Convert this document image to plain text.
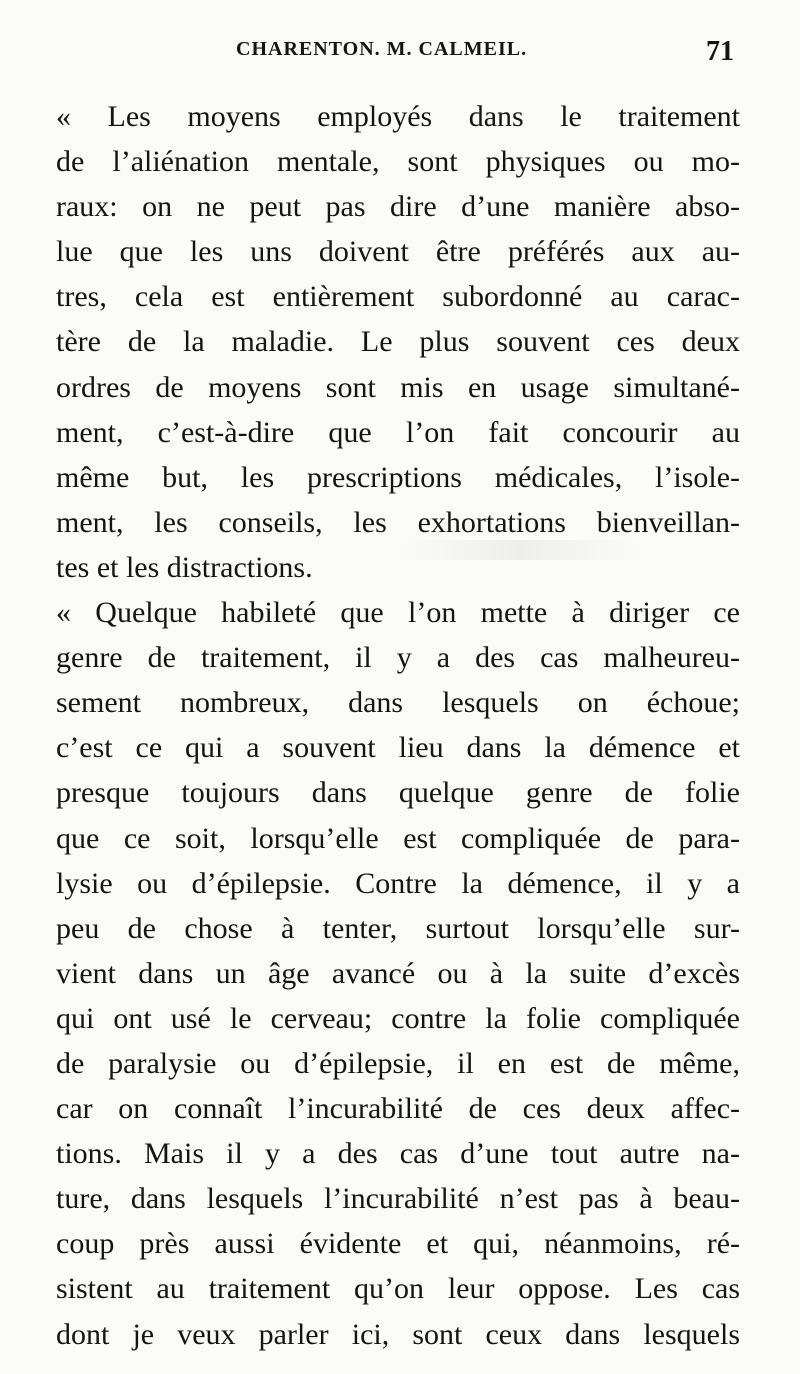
CHARENTON. M. CALMEIL.	71
« Les moyens employés dans le traitement
de l’aliénation mentale, sont physiques ou mo-
raux: on ne peut pas dire d’une manière abso-
lue que les uns doivent être préférés aux au-
tres, cela est entièrement subordonné au carac-
tère de la maladie. Le plus souvent ces deux
ordres de moyens sont mis en usage simultané-
ment, c’est-à-dire que l’on fait concourir au
même but, les prescriptions médicales, l’isole-
ment, les conseils, les exhortations bienveillan-
tes et les distractions.
« Quelque habileté que l’on mette à diriger ce
genre de traitement, il y a des cas malheureu-
sement nombreux, dans lesquels on échoue;
c’est ce qui a souvent lieu dans la démence et
presque toujours dans quelque genre de folie
que ce soit, lorsqu’elle est compliquée de para-
lysie ou d’épilepsie. Contre la démence, il y a
peu de chose à tenter, surtout lorsqu’elle sur-
vient dans un âge avancé ou à la suite d’excès
qui ont usé le cerveau; contre la folie compliquée
de paralysie ou d’épilepsie, il en est de même,
car on connaît l’incurabilité de ces deux affec-
tions. Mais il y a des cas d’une tout autre na-
ture, dans lesquels l’incurabilité n’est pas à beau-
coup près aussi évidente et qui, néanmoins, ré-
sistent au traitement qu’on leur oppose. Les cas
dont je veux parler ici, sont ceux dans lesquels
